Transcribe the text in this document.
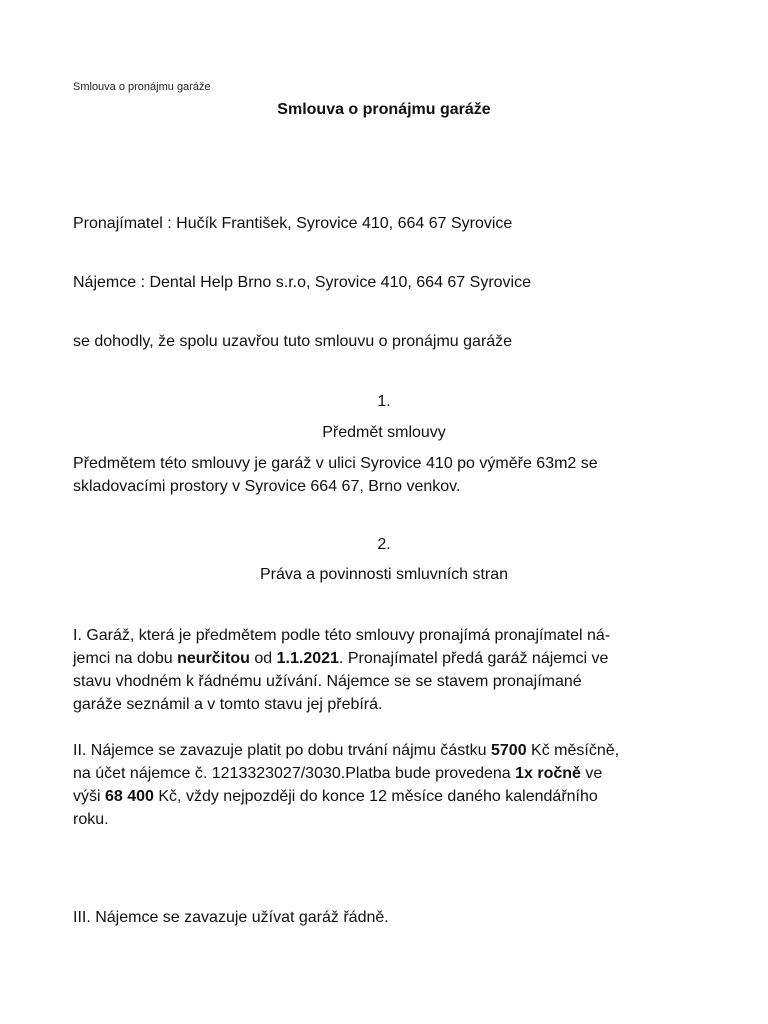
Smlouva o pronájmu garáže
Smlouva o pronájmu garáže
Pronajímatel : Hučík František, Syrovice 410, 664 67 Syrovice
Nájemce : Dental Help Brno s.r.o, Syrovice 410, 664 67 Syrovice
se dohodly, že spolu uzavřou tuto smlouvu o pronájmu garáže
1.
Předmět smlouvy
Předmětem této smlouvy je garáž v ulici Syrovice 410 po výměře 63m2 se
skladovacími prostory v Syrovice 664 67, Brno venkov.
2.
Práva a povinnosti smluvních stran
I. Garáž, která je předmětem podle této smlouvy pronajímá pronajímatel ná-
jemci na dobu neurčitou od 1.1.2021. Pronajímatel předá garáž nájemci ve
stavu vhodném k řádnému užívání. Nájemce se se stavem pronajímané
garáže seznámil a v tomto stavu jej přebírá.
II. Nájemce se zavazuje platit po dobu trvání nájmu částku 5700 Kč měsíčně,
na účet nájemce č. 1213323027/3030.Platba bude provedena 1x ročně ve
výši 68 400 Kč, vždy nejpozději do konce 12 měsíce daného kalendářního
roku.
III. Nájemce se zavazuje užívat garáž řádně.
